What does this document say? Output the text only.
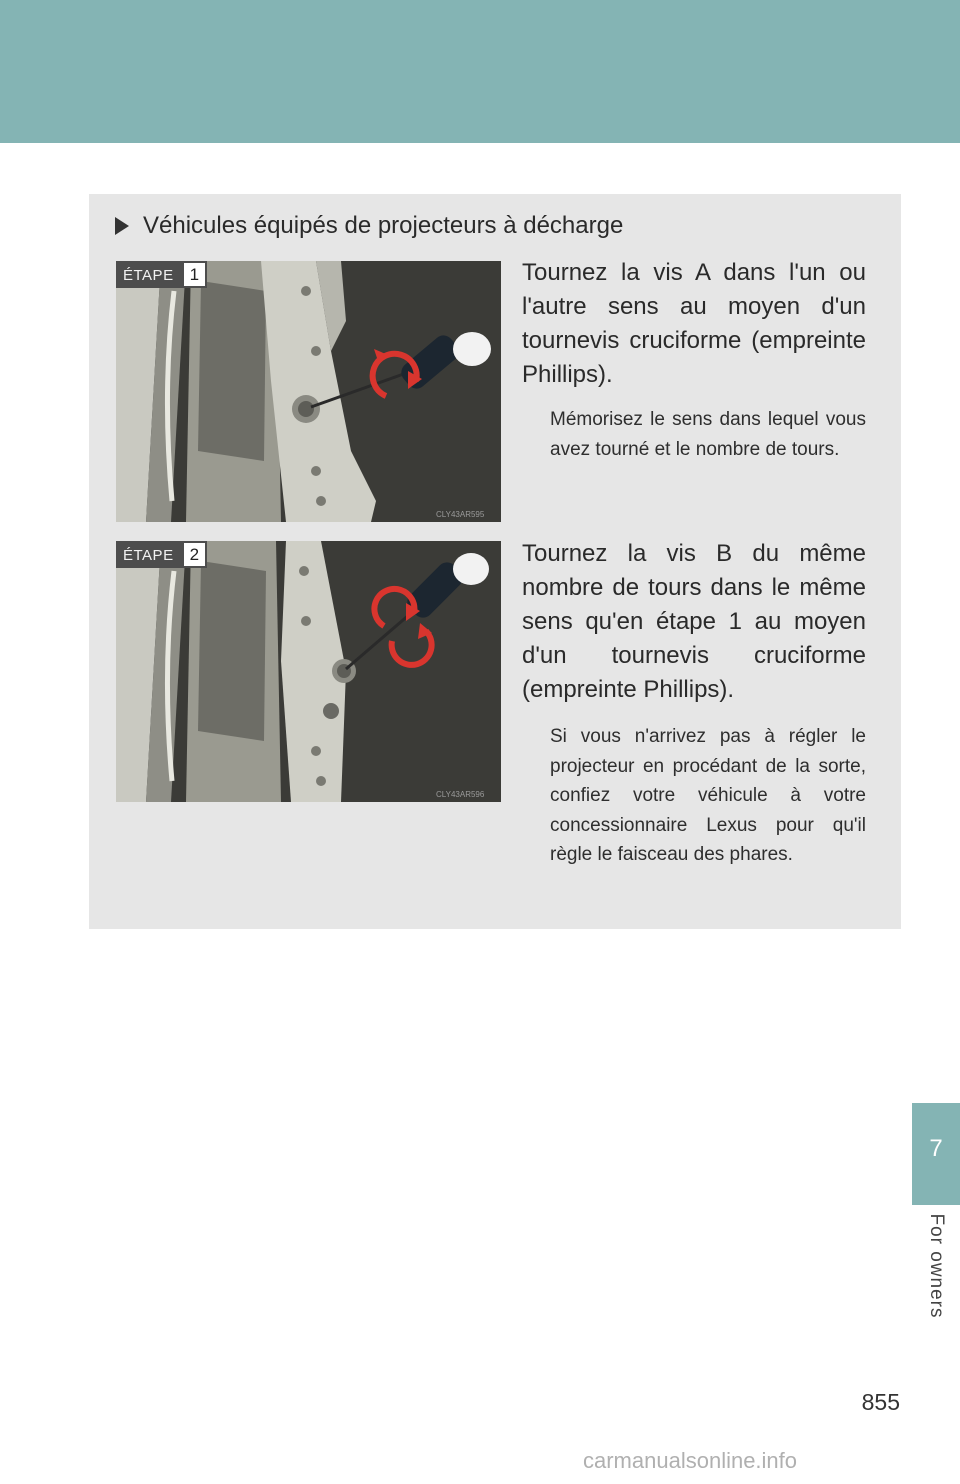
Véhicules équipés de projecteurs à décharge
CLY43AR595
ÉTAPE 1	Tournez la vis A dans l'un ou l'autre sens au moyen d'un tournevis cruciforme (empreinte Phillips).
Mémorisez le sens dans lequel vous avez tourné et le nombre de tours.
CLY43AR596
ÉTAPE 2	Tournez la vis B du même nombre de tours dans le même sens qu'en étape 1 au moyen d'un tournevis cruciforme (empreinte Phillips).
Si vous n'arrivez pas à régler le projecteur en procédant de la sorte, confiez votre véhicule à votre concessionnaire Lexus pour qu'il règle le faisceau des phares.
7
For owners
855
carmanualsonline.info
